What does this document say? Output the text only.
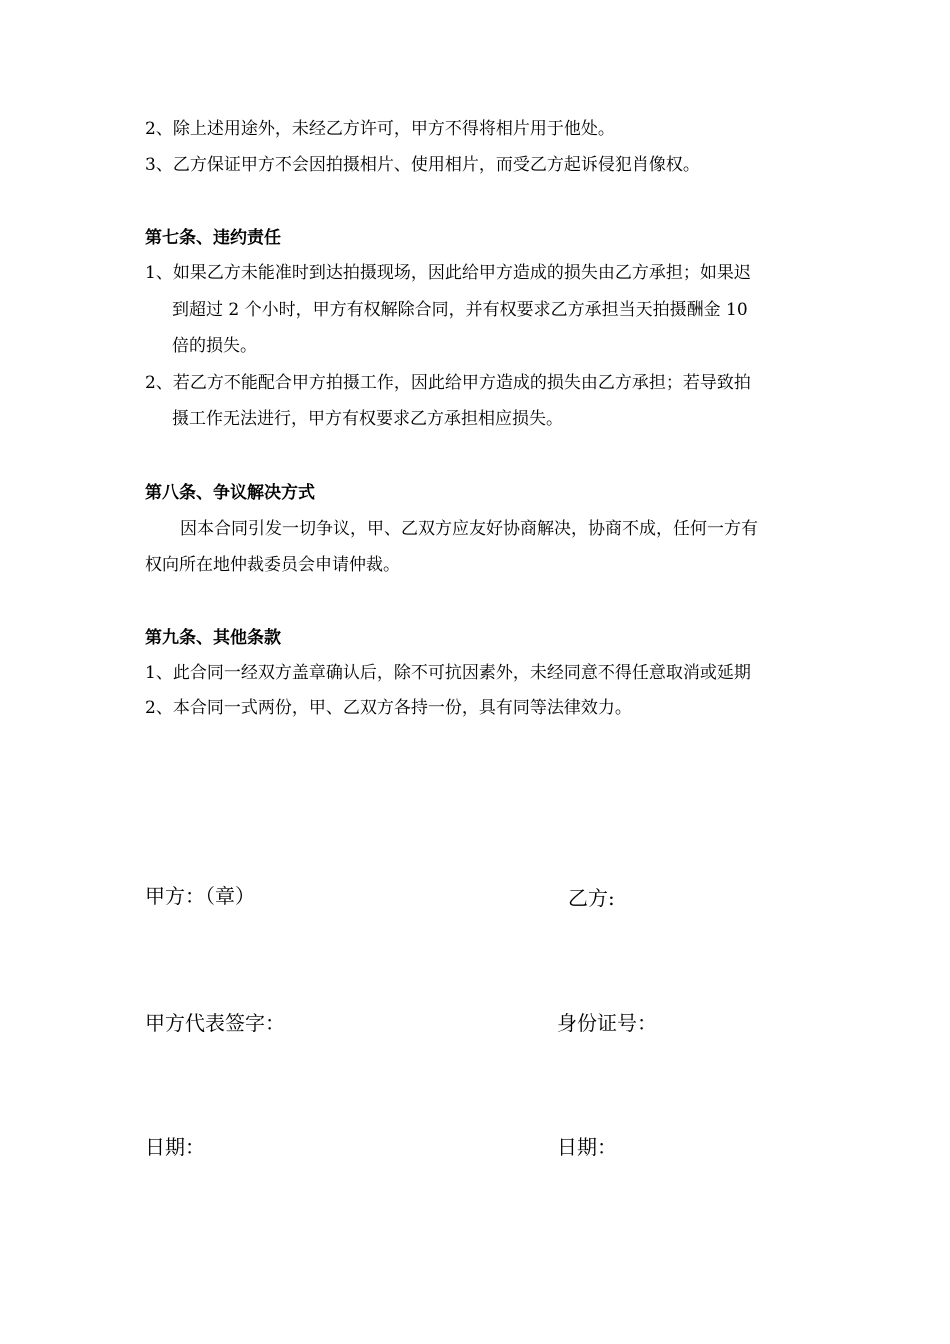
2、除上述用途外，未经乙方许可，甲方不得将相片用于他处。
3、乙方保证甲方不会因拍摄相片、使用相片，而受乙方起诉侵犯肖像权。
第七条、违约责任
1、如果乙方未能准时到达拍摄现场，因此给甲方造成的损失由乙方承担；如果迟
到超过 2 个小时，甲方有权解除合同，并有权要求乙方承担当天拍摄酬金 10
倍的损失。
2、若乙方不能配合甲方拍摄工作，因此给甲方造成的损失由乙方承担；若导致拍
摄工作无法进行，甲方有权要求乙方承担相应损失。
第八条、争议解决方式
因本合同引发一切争议，甲、乙双方应友好协商解决，协商不成，任何一方有
权向所在地仲裁委员会申请仲裁。
第九条、其他条款
1、此合同一经双方盖章确认后，除不可抗因素外，未经同意不得任意取消或延期
2、本合同一式两份，甲、乙双方各持一份，具有同等法律效力。
甲方：（章）	乙方:
甲方代表签字：	身份证号：
日期：	日期：
